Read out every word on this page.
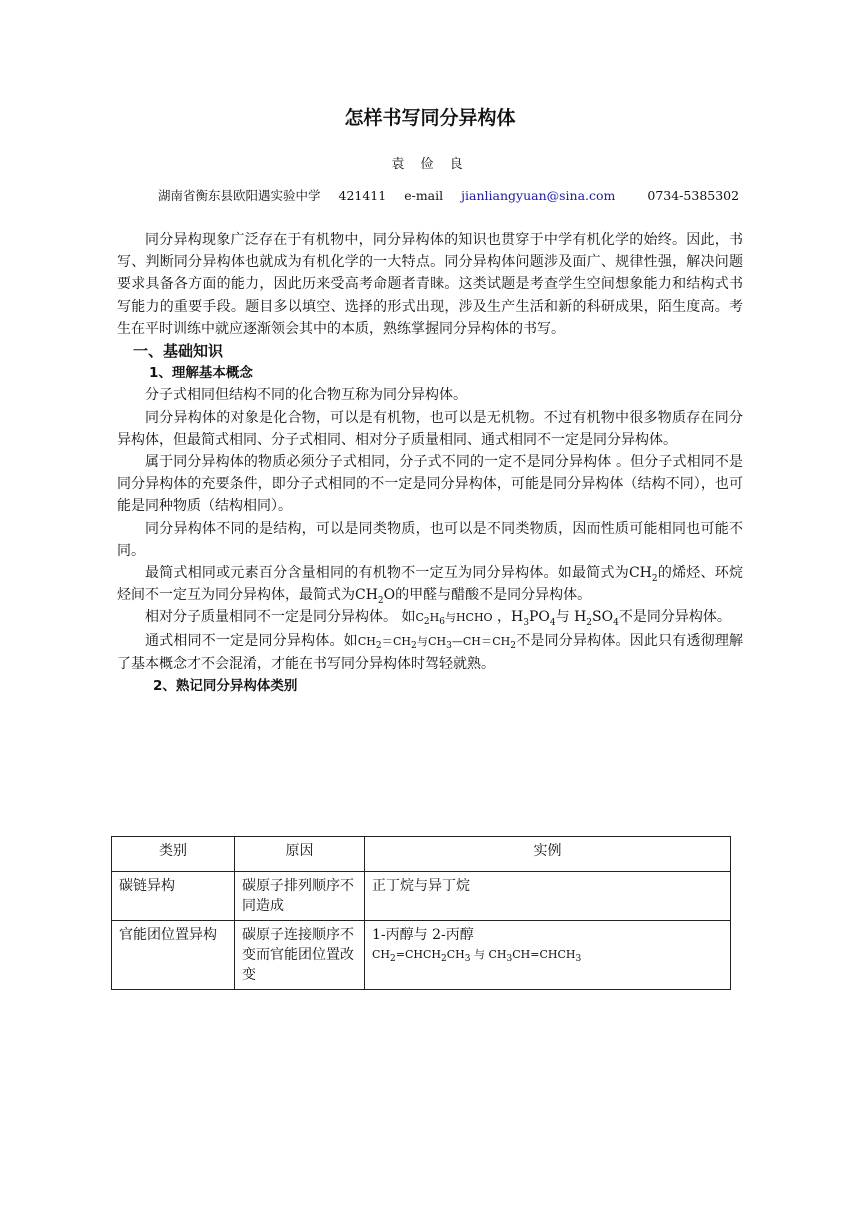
怎样书写同分异构体
袁 俭 良
湖南省衡东县欧阳遇实验中学 421411 e-mail jianliangyuan@sina.com	0734-5385302

同分异构现象广泛存在于有机物中，同分异构体的知识也贯穿于中学有机化学的始终。因此，书写、判断同分异构体也就成为有机化学的一大特点。同分异构体问题涉及面广、规律性强，解决问题要求具备各方面的能力，因此历来受高考命题者青睐。这类试题是考查学生空间想象能力和结构式书写能力的重要手段。题目多以填空、选择的形式出现，涉及生产生活和新的科研成果，陌生度高。考生在平时训练中就应逐渐领会其中的本质，熟练掌握同分异构体的书写。

一、基础知识
1、理解基本概念

分子式相同但结构不同的化合物互称为同分异构体。

同分异构体的对象是化合物，可以是有机物，也可以是无机物。不过有机物中很多物质存在同分异构体，但最简式相同、分子式相同、相对分子质量相同、通式相同不一定是同分异构体。

属于同分异构体的物质必须分子式相同，分子式不同的一定不是同分异构体 。但分子式相同不是同分异构体的充要条件，即分子式相同的不一定是同分异构体，可能是同分异构体（结构不同），也可能是同种物质（结构相同）。

同分异构体不同的是结构，可以是同类物质，也可以是不同类物质，因而性质可能相同也可能不同。

最简式相同或元素百分含量相同的有机物不一定互为同分异构体。如最简式为$CH_2$的烯烃、环烷烃间不一定互为同分异构体，最简式为$CH_2O$的甲醛与醋酸不是同分异构体。

相对分子质量相同不一定是同分异构体。 如$C_2H_6$与HCHO ，$H_3PO_4$与 $H_2SO_4$不是同分异构体。

通式相同不一定是同分异构体。如$CH_2=CH_2$与$CH_3—CH=CH_2$不是同分异构体。因此只有透彻理解了基本概念才不会混淆，才能在书写同分异构体时驾轻就熟。

2、熟记同分异构体类别
类别	原因	实例
碳链异构	碳原子排列顺序不同造成	正丁烷与异丁烷
官能团位置异构	碳原子连接顺序不变而官能团位置改变	1-丙醇与 2-丙醇
$CH_2=CHCH_2CH_3$ 与 $CH_3CH=CHCH_3$
